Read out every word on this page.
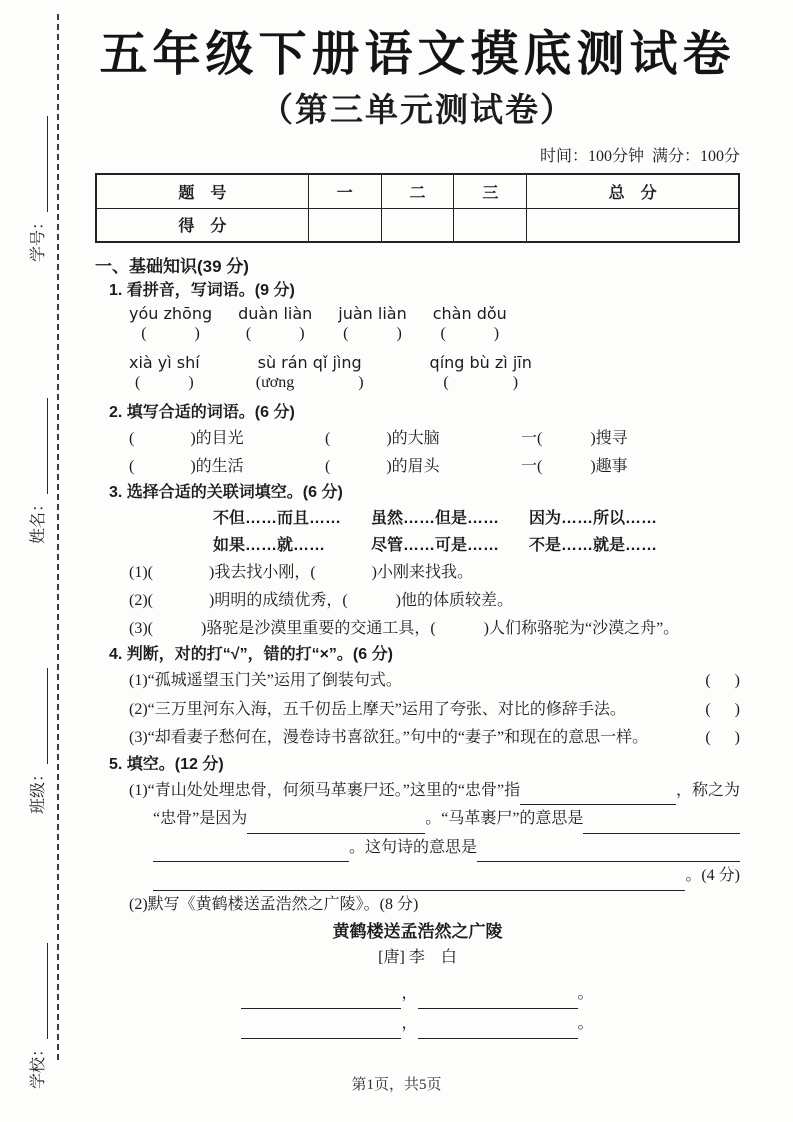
学号：
姓名：
班级：
学校：
五年级下册语文摸底测试卷
（第三单元测试卷）
时间：100分钟  满分：100分
题　号	一	二	三	总　分
得　分				
一、基础知识(39 分)
1. 看拼音，写词语。(9 分)
yóu zhōng
(            )
duàn liàn
(            )
juàn liàn
(            )
chàn dǒu
(            )
xià yì shí
(            )
sù rán qǐ jìng
(ương                )
qíng bù zì jīn
(                )
2. 填写合适的词语。(6 分)
(              )的目光	(              )的大脑	一(            )搜寻
(              )的生活	(              )的眉头	一(            )趣事
3. 选择合适的关联词填空。(6 分)
不但……而且……	虽然……但是……	因为……所以……
如果……就……	尽管……可是……	不是……就是……
(1)(              )我去找小刚，(              )小刚来找我。
(2)(              )明明的成绩优秀，(            )他的体质较差。
(3)(            )骆驼是沙漠里重要的交通工具，(            )人们称骆驼为“沙漠之舟”。
4. 判断，对的打“√”，错的打“×”。(6 分)
(1)“孤城遥望玉门关”运用了倒装句式。	(      )
(2)“三万里河东入海，五千仞岳上摩天”运用了夸张、对比的修辞手法。	(      )
(3)“却看妻子愁何在，漫卷诗书喜欲狂。”句中的“妻子”和现在的意思一样。	(      )
5. 填空。(12 分)
(1)“青山处处埋忠骨，何须马革裹尸还。”这里的“忠骨”指	，称之为
“忠骨”是因为	。“马革裹尸”的意思是
。这句诗的意思是
。(4 分)
(2)默写《黄鹤楼送孟浩然之广陵》。(8 分)
黄鹤楼送孟浩然之广陵
[唐] 李　白
，	。
，	。
第1页，共5页
